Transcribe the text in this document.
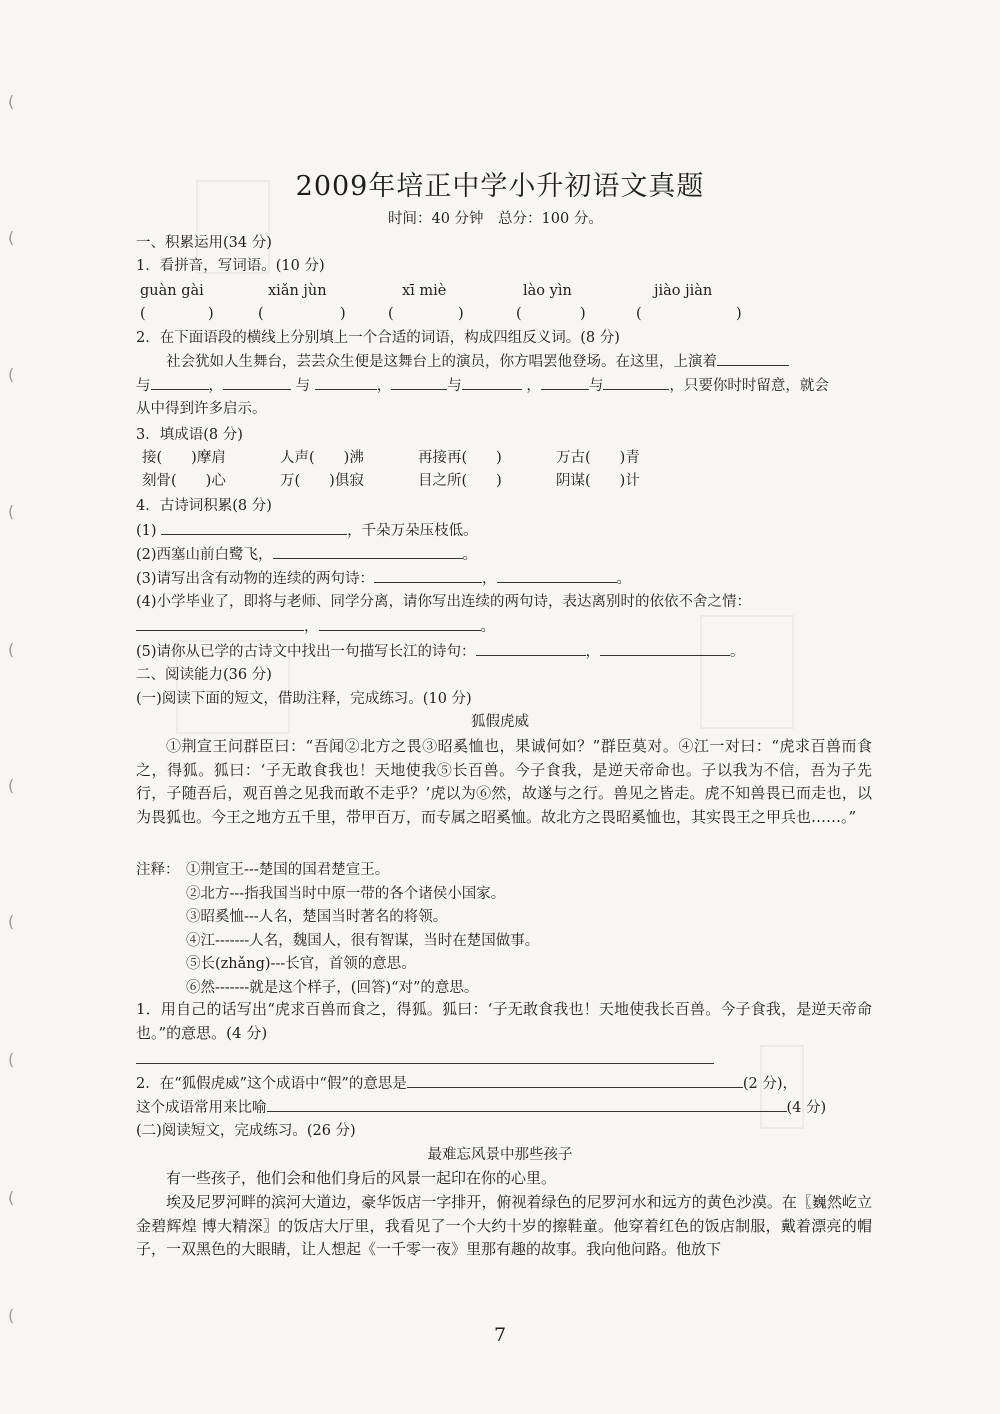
(
(
(
(
(
(
(
(
(
(
2009年培正中学小升初语文真题
时间：40 分钟　总分：100 分。
一、积累运用(34 分)
1．看拼音，写词语。(10 分)
guàn gài	xiǎn jùn	xī miè	lào yìn	jiào jiàn
(	)	(	)	(	)	(	)	(	)
2．在下面语段的横线上分别填上一个合适的词语，构成四组反义词。(8 分)
社会犹如人生舞台，芸芸众生便是这舞台上的演员，你方唱罢他登场。在这里，上演着
与	，	与	，	与	，	与	，只要你时时留意，就会
从中得到许多启示。
3．填成语(8 分)
接(　　)摩肩	人声(　　)沸	再接再(　　)	万古(　　)青
刻骨(　　)心	万(　　)俱寂	目之所(　　)	阴谋(　　)计
4．古诗词积累(8 分)
(1)	，千朵万朵压枝低。
(2)西塞山前白鹭飞，	。
(3)请写出含有动物的连续的两句诗：	，	。
(4)小学毕业了，即将与老师、同学分离，请你写出连续的两句诗，表达离别时的依依不舍之情：
，	。
(5)请你从已学的古诗文中找出一句描写长江的诗句：	，	。
二、阅读能力(36 分)
(一)阅读下面的短文，借助注释，完成练习。(10 分)
狐假虎威
①荆宣王问群臣曰：“吾闻②北方之畏③昭奚恤也，果诚何如？”群臣莫对。④江一对曰：“虎求百兽而食之，得狐。狐曰：‘子无敢食我也！天地使我⑤长百兽。今子食我，是逆天帝命也。子以我为不信，吾为子先行，子随吾后，观百兽之见我而敢不走乎？’虎以为⑥然，故遂与之行。兽见之皆走。虎不知兽畏已而走也，以为畏狐也。今王之地方五千里，带甲百万，而专属之昭奚恤。故北方之畏昭奚恤也，其实畏王之甲兵也……。”
注释： ①荆宣王---楚国的国君楚宣王。
②北方---指我国当时中原一带的各个诸侯小国家。
③昭奚恤---人名，楚国当时著名的将领。
④江-------人名，魏国人，很有智谋，当时在楚国做事。
⑤长(zhǎng)---长官，首领的意思。
⑥然-------就是这个样子，(回答)“对”的意思。
1．用自己的话写出“虎求百兽而食之，得狐。狐曰：‘子无敢食我也！天地使我长百兽。今子食我，是逆天帝命也。”的意思。(4 分)
2．在“狐假虎威”这个成语中“假”的意思是	(2 分)，
这个成语常用来比喻	(4 分)
(二)阅读短文，完成练习。(26 分)
最难忘风景中那些孩子
有一些孩子，他们会和他们身后的风景一起印在你的心里。
埃及尼罗河畔的滨河大道边，豪华饭店一字排开，俯视着绿色的尼罗河水和远方的黄色沙漠。在〖巍然屹立 金碧辉煌 博大精深〗的饭店大厅里，我看见了一个大约十岁的擦鞋童。他穿着红色的饭店制服，戴着漂亮的帽子，一双黑色的大眼睛，让人想起《一千零一夜》里那有趣的故事。我向他问路。他放下
7
